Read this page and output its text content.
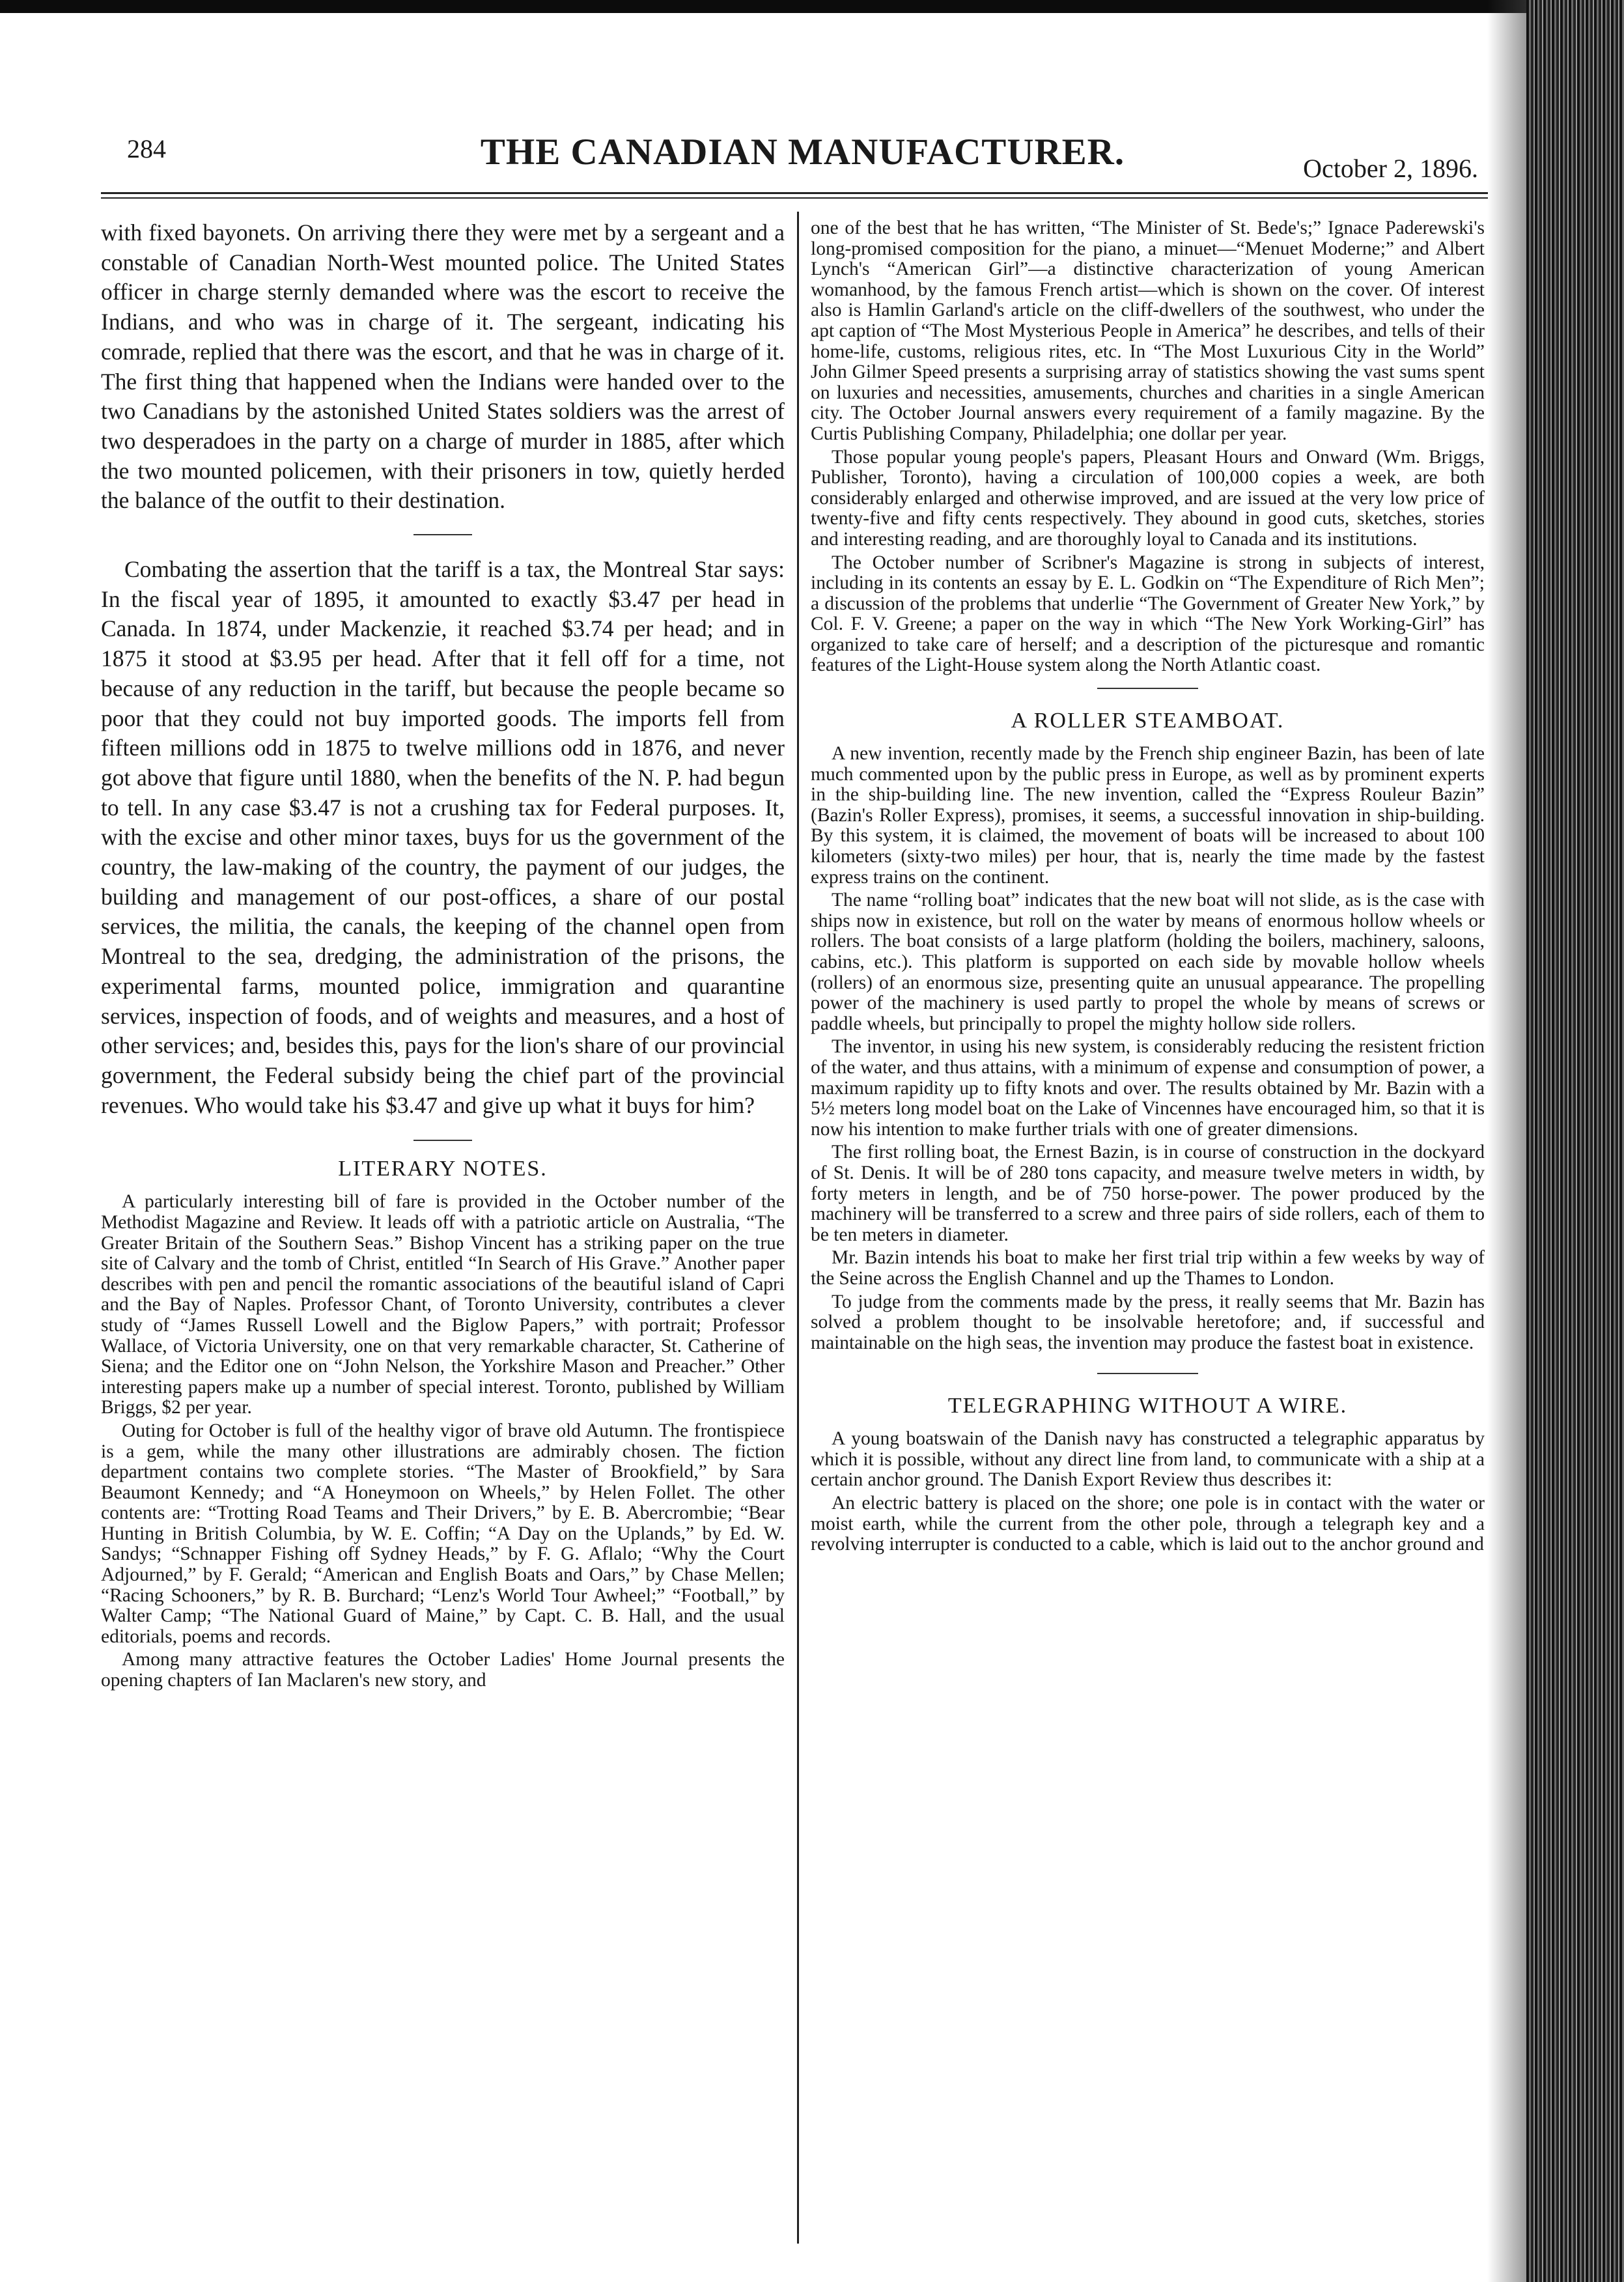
284	THE CANADIAN MANUFACTURER.	October 2, 1896.

with fixed bayonets. On arriving there they were met by a sergeant and a constable of Canadian North-West mounted police. The United States officer in charge sternly demanded where was the escort to receive the Indians, and who was in charge of it. The sergeant, indicating his comrade, replied that there was the escort, and that he was in charge of it. The first thing that happened when the Indians were handed over to the two Canadians by the astonished United States soldiers was the arrest of two desperadoes in the party on a charge of murder in 1885, after which the two mounted policemen, with their prisoners in tow, quietly herded the balance of the outfit to their destination.

Combating the assertion that the tariff is a tax, the Montreal Star says: In the fiscal year of 1895, it amounted to exactly $3.47 per head in Canada. In 1874, under Mackenzie, it reached $3.74 per head; and in 1875 it stood at $3.95 per head. After that it fell off for a time, not because of any reduction in the tariff, but because the people became so poor that they could not buy imported goods. The imports fell from fifteen millions odd in 1875 to twelve millions odd in 1876, and never got above that figure until 1880, when the benefits of the N. P. had begun to tell. In any case $3.47 is not a crushing tax for Federal purposes. It, with the excise and other minor taxes, buys for us the government of the country, the law-making of the country, the payment of our judges, the building and management of our post-offices, a share of our postal services, the militia, the canals, the keeping of the channel open from Montreal to the sea, dredging, the administration of the prisons, the experimental farms, mounted police, immigration and quarantine services, inspection of foods, and of weights and measures, and a host of other services; and, besides this, pays for the lion's share of our provincial government, the Federal subsidy being the chief part of the provincial revenues. Who would take his $3.47 and give up what it buys for him?

LITERARY NOTES.

A particularly interesting bill of fare is provided in the October number of the Methodist Magazine and Review. It leads off with a patriotic article on Australia, “The Greater Britain of the Southern Seas.” Bishop Vincent has a striking paper on the true site of Calvary and the tomb of Christ, entitled “In Search of His Grave.” Another paper describes with pen and pencil the romantic associations of the beautiful island of Capri and the Bay of Naples. Professor Chant, of Toronto University, contributes a clever study of “James Russell Lowell and the Biglow Papers,” with portrait; Professor Wallace, of Victoria University, one on that very remarkable character, St. Catherine of Siena; and the Editor one on “John Nelson, the Yorkshire Mason and Preacher.” Other interesting papers make up a number of special interest. Toronto, published by William Briggs, $2 per year.

Outing for October is full of the healthy vigor of brave old Autumn. The frontispiece is a gem, while the many other illustrations are admirably chosen. The fiction department contains two complete stories. “The Master of Brookfield,” by Sara Beaumont Kennedy; and “A Honeymoon on Wheels,” by Helen Follet. The other contents are: “Trotting Road Teams and Their Drivers,” by E. B. Abercrombie; “Bear Hunting in British Columbia, by W. E. Coffin; “A Day on the Uplands,” by Ed. W. Sandys; “Schnapper Fishing off Sydney Heads,” by F. G. Aflalo; “Why the Court Adjourned,” by F. Gerald; “American and English Boats and Oars,” by Chase Mellen; “Racing Schooners,” by R. B. Burchard; “Lenz's World Tour Awheel;” “Football,” by Walter Camp; “The National Guard of Maine,” by Capt. C. B. Hall, and the usual editorials, poems and records.

Among many attractive features the October Ladies' Home Journal presents the opening chapters of Ian Maclaren's new story, and

one of the best that he has written, “The Minister of St. Bede's;” Ignace Paderewski's long-promised composition for the piano, a minuet—“Menuet Moderne;” and Albert Lynch's “American Girl”—a distinctive characterization of young American womanhood, by the famous French artist—which is shown on the cover. Of interest also is Hamlin Garland's article on the cliff-dwellers of the southwest, who under the apt caption of “The Most Mysterious People in America” he describes, and tells of their home-life, customs, religious rites, etc. In “The Most Luxurious City in the World” John Gilmer Speed presents a surprising array of statistics showing the vast sums spent on luxuries and necessities, amusements, churches and charities in a single American city. The October Journal answers every requirement of a family magazine. By the Curtis Publishing Company, Philadelphia; one dollar per year.

Those popular young people's papers, Pleasant Hours and Onward (Wm. Briggs, Publisher, Toronto), having a circulation of 100,000 copies a week, are both considerably enlarged and otherwise improved, and are issued at the very low price of twenty-five and fifty cents respectively. They abound in good cuts, sketches, stories and interesting reading, and are thoroughly loyal to Canada and its institutions.

The October number of Scribner's Magazine is strong in subjects of interest, including in its contents an essay by E. L. Godkin on “The Expenditure of Rich Men”; a discussion of the problems that underlie “The Government of Greater New York,” by Col. F. V. Greene; a paper on the way in which “The New York Working-Girl” has organized to take care of herself; and a description of the picturesque and romantic features of the Light-House system along the North Atlantic coast.

A ROLLER STEAMBOAT.

A new invention, recently made by the French ship engineer Bazin, has been of late much commented upon by the public press in Europe, as well as by prominent experts in the ship-building line. The new invention, called the “Express Rouleur Bazin” (Bazin's Roller Express), promises, it seems, a successful innovation in ship-building. By this system, it is claimed, the movement of boats will be increased to about 100 kilometers (sixty-two miles) per hour, that is, nearly the time made by the fastest express trains on the continent.

The name “rolling boat” indicates that the new boat will not slide, as is the case with ships now in existence, but roll on the water by means of enormous hollow wheels or rollers. The boat consists of a large platform (holding the boilers, machinery, saloons, cabins, etc.). This platform is supported on each side by movable hollow wheels (rollers) of an enormous size, presenting quite an unusual appearance. The propelling power of the machinery is used partly to propel the whole by means of screws or paddle wheels, but principally to propel the mighty hollow side rollers.

The inventor, in using his new system, is considerably reducing the resistent friction of the water, and thus attains, with a minimum of expense and consumption of power, a maximum rapidity up to fifty knots and over. The results obtained by Mr. Bazin with a 5½ meters long model boat on the Lake of Vincennes have encouraged him, so that it is now his intention to make further trials with one of greater dimensions.

The first rolling boat, the Ernest Bazin, is in course of construction in the dockyard of St. Denis. It will be of 280 tons capacity, and measure twelve meters in width, by forty meters in length, and be of 750 horse-power. The power produced by the machinery will be transferred to a screw and three pairs of side rollers, each of them to be ten meters in diameter.

Mr. Bazin intends his boat to make her first trial trip within a few weeks by way of the Seine across the English Channel and up the Thames to London.

To judge from the comments made by the press, it really seems that Mr. Bazin has solved a problem thought to be insolvable heretofore; and, if successful and maintainable on the high seas, the invention may produce the fastest boat in existence.

TELEGRAPHING WITHOUT A WIRE.

A young boatswain of the Danish navy has constructed a telegraphic apparatus by which it is possible, without any direct line from land, to communicate with a ship at a certain anchor ground. The Danish Export Review thus describes it:

An electric battery is placed on the shore; one pole is in contact with the water or moist earth, while the current from the other pole, through a telegraph key and a revolving interrupter is conducted to a cable, which is laid out to the anchor ground and
